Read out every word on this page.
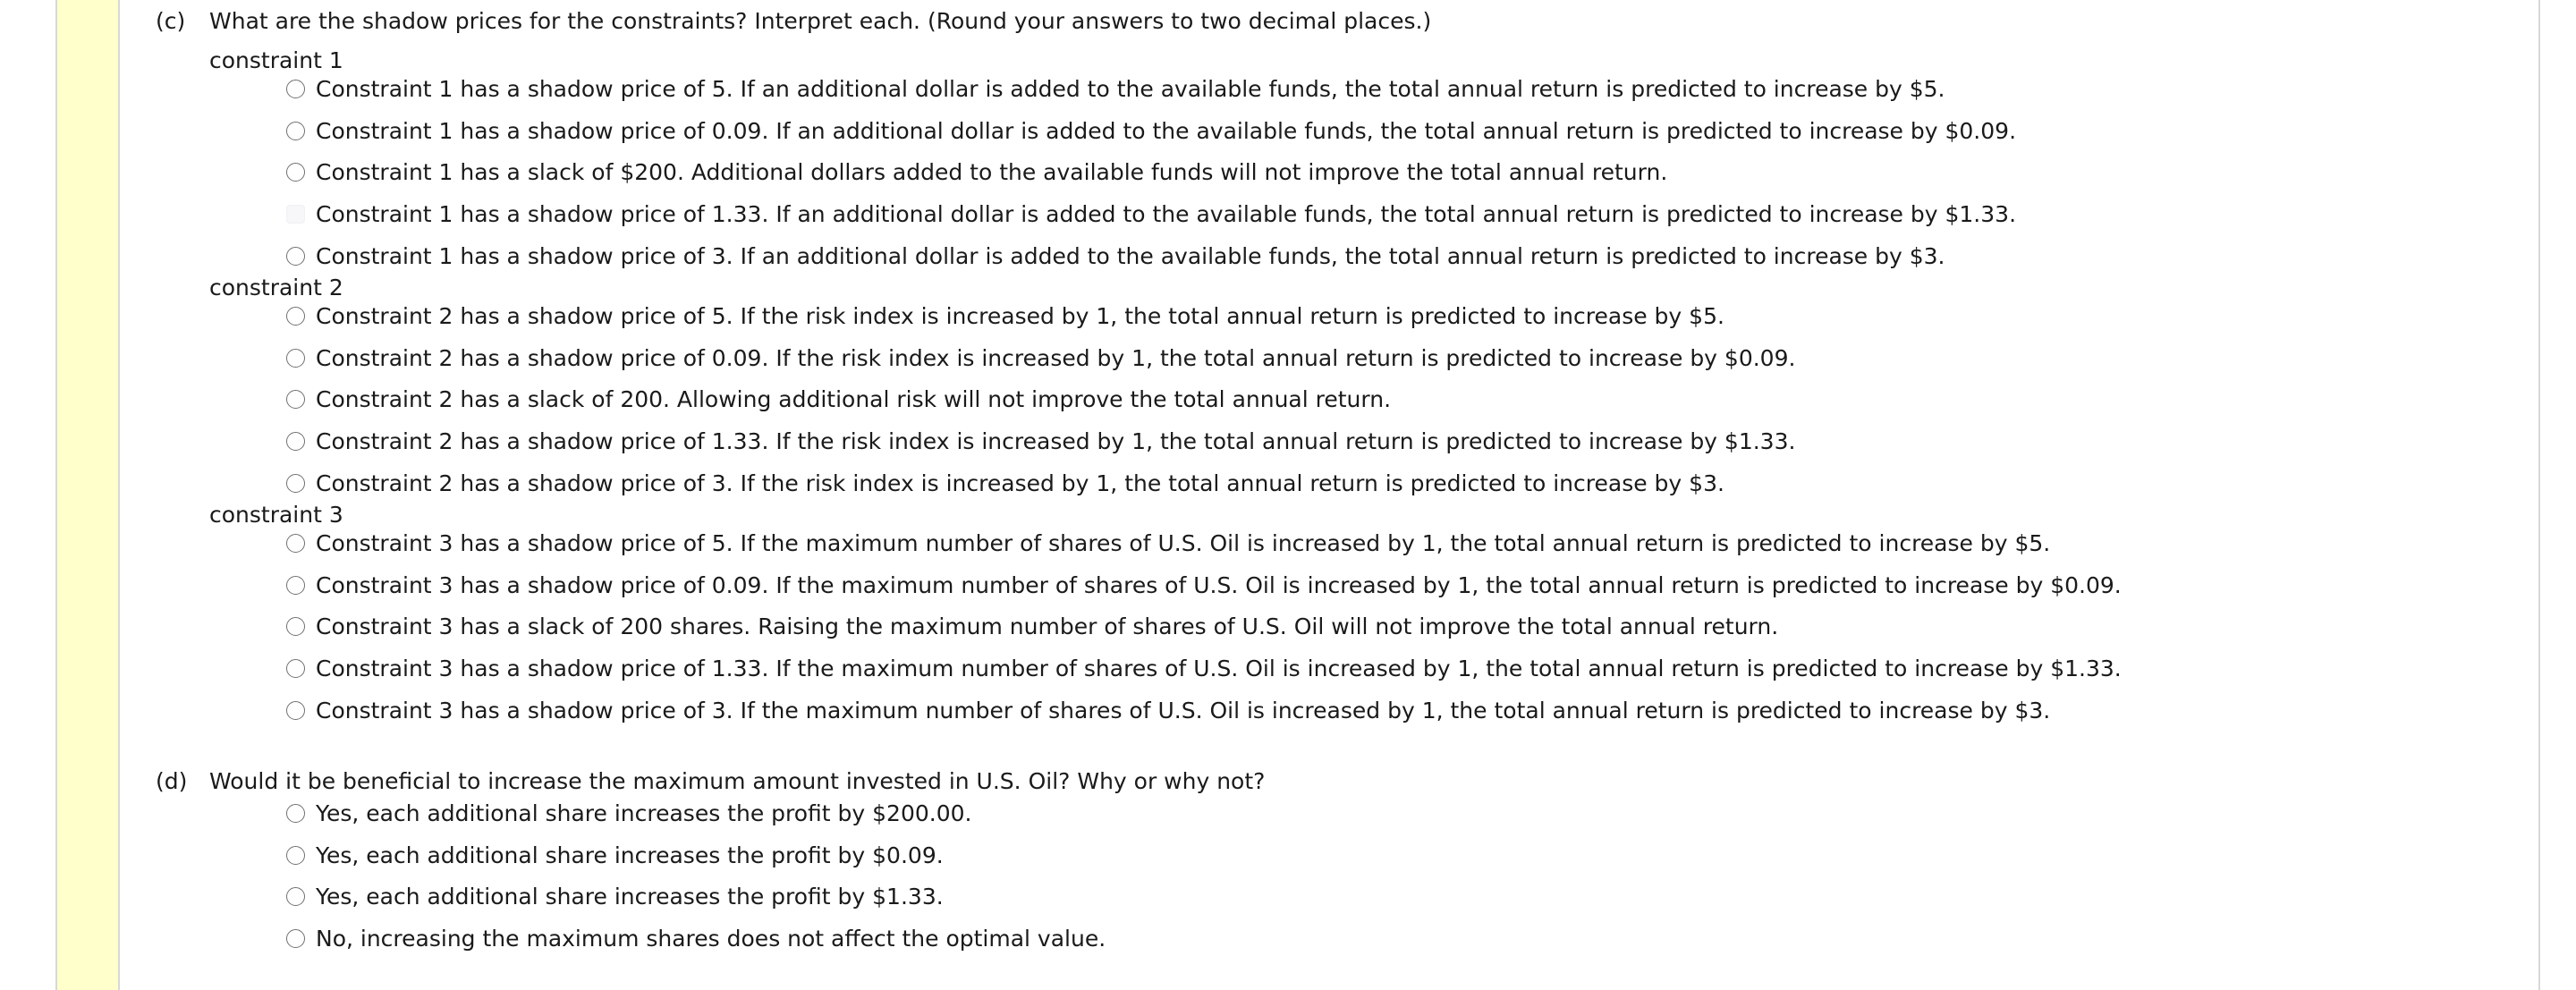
(c)	What are the shadow prices for the constraints? Interpret each. (Round your answers to two decimal places.)
constraint 1
Constraint 1 has a shadow price of 5. If an additional dollar is added to the available funds, the total annual return is predicted to increase by $5.
Constraint 1 has a shadow price of 0.09. If an additional dollar is added to the available funds, the total annual return is predicted to increase by $0.09.
Constraint 1 has a slack of $200. Additional dollars added to the available funds will not improve the total annual return.
Constraint 1 has a shadow price of 1.33. If an additional dollar is added to the available funds, the total annual return is predicted to increase by $1.33.
Constraint 1 has a shadow price of 3. If an additional dollar is added to the available funds, the total annual return is predicted to increase by $3.
constraint 2
Constraint 2 has a shadow price of 5. If the risk index is increased by 1, the total annual return is predicted to increase by $5.
Constraint 2 has a shadow price of 0.09. If the risk index is increased by 1, the total annual return is predicted to increase by $0.09.
Constraint 2 has a slack of 200. Allowing additional risk will not improve the total annual return.
Constraint 2 has a shadow price of 1.33. If the risk index is increased by 1, the total annual return is predicted to increase by $1.33.
Constraint 2 has a shadow price of 3. If the risk index is increased by 1, the total annual return is predicted to increase by $3.
constraint 3
Constraint 3 has a shadow price of 5. If the maximum number of shares of U.S. Oil is increased by 1, the total annual return is predicted to increase by $5.
Constraint 3 has a shadow price of 0.09. If the maximum number of shares of U.S. Oil is increased by 1, the total annual return is predicted to increase by $0.09.
Constraint 3 has a slack of 200 shares. Raising the maximum number of shares of U.S. Oil will not improve the total annual return.
Constraint 3 has a shadow price of 1.33. If the maximum number of shares of U.S. Oil is increased by 1, the total annual return is predicted to increase by $1.33.
Constraint 3 has a shadow price of 3. If the maximum number of shares of U.S. Oil is increased by 1, the total annual return is predicted to increase by $3.
(d) Would it be beneficial to increase the maximum amount invested in U.S. Oil? Why or why not?
Yes, each additional share increases the profit by $200.00.
Yes, each additional share increases the profit by $0.09.
Yes, each additional share increases the profit by $1.33.
No, increasing the maximum shares does not affect the optimal value.
